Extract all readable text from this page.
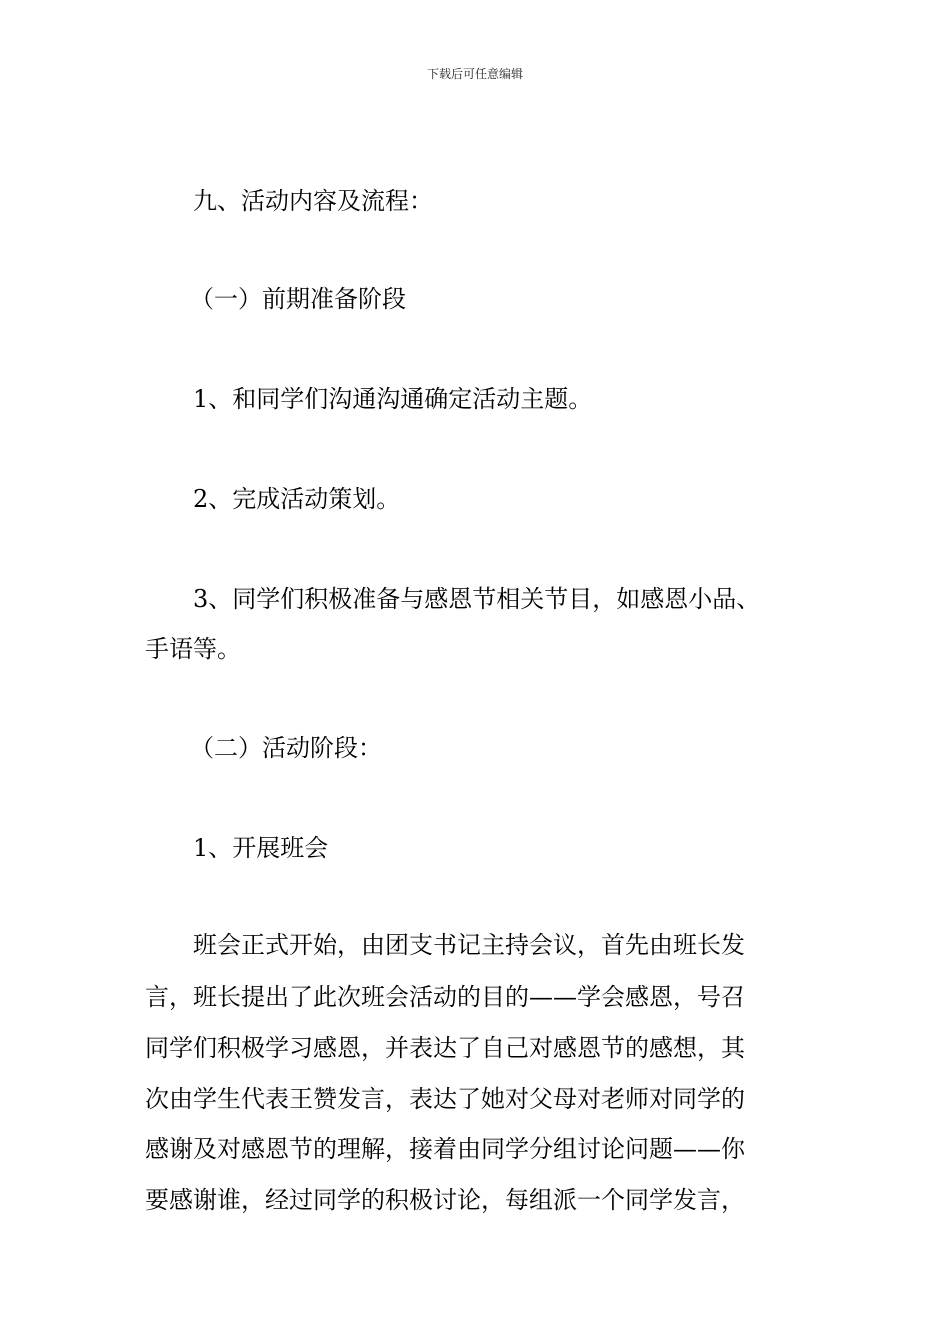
下载后可任意编辑
九、活动内容及流程：
（一）前期准备阶段
1、和同学们沟通沟通确定活动主题。
2、完成活动策划。
3、同学们积极准备与感恩节相关节目，如感恩小品、
手语等。
（二）活动阶段：
1、开展班会
班会正式开始，由团支书记主持会议，首先由班长发
言，班长提出了此次班会活动的目的——学会感恩，号召
同学们积极学习感恩，并表达了自己对感恩节的感想，其
次由学生代表王赞发言，表达了她对父母对老师对同学的
感谢及对感恩节的理解，接着由同学分组讨论问题——你
要感谢谁，经过同学的积极讨论，每组派一个同学发言，
